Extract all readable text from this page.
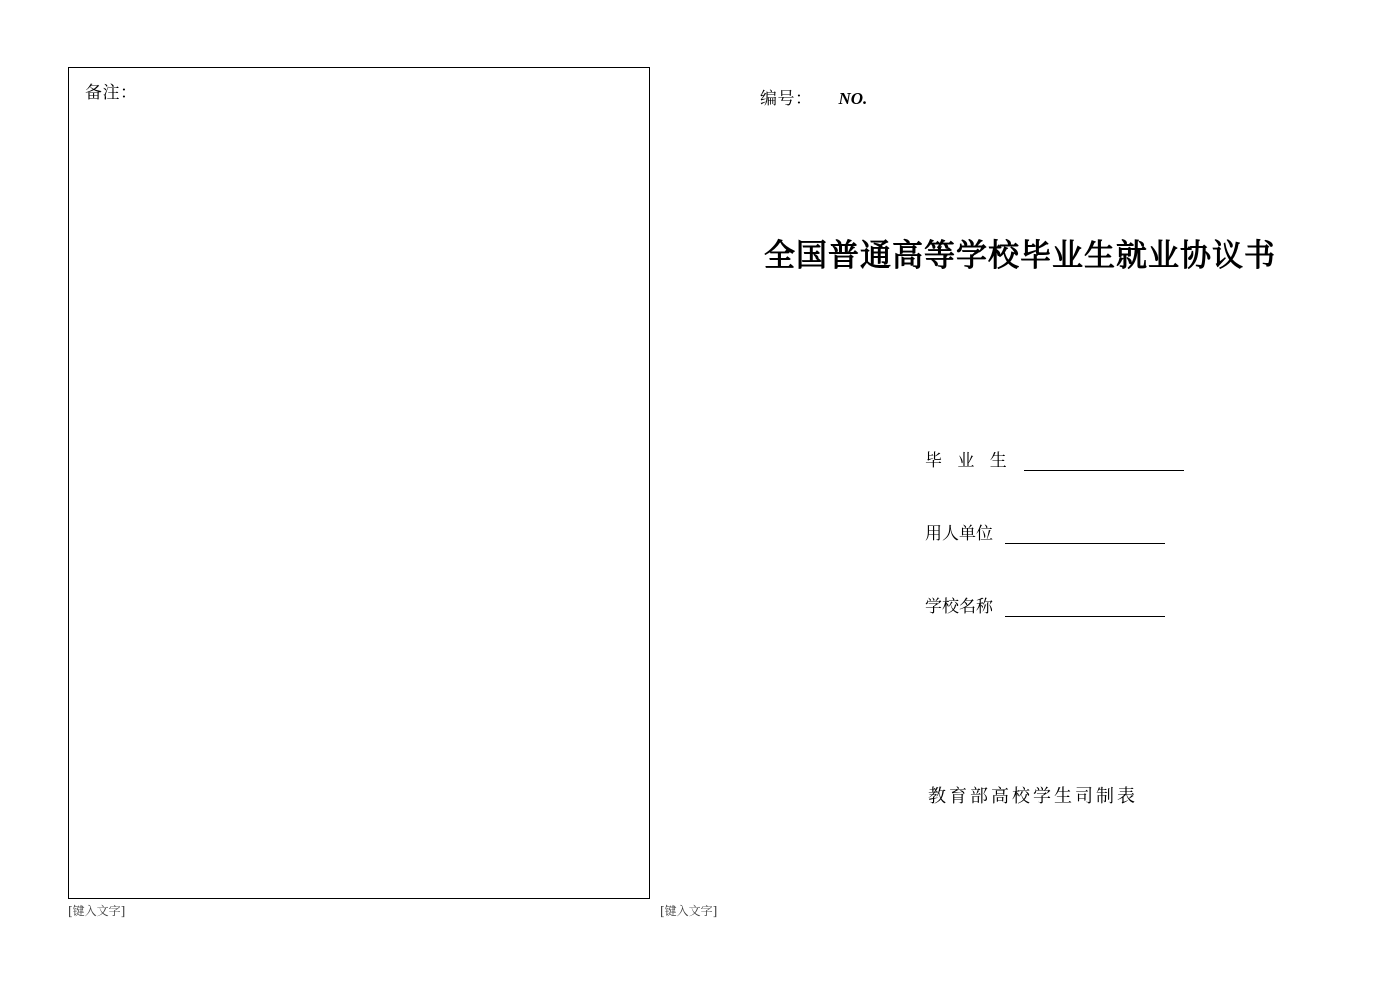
备注：
[键入文字]
编号： NO.
全国普通高等学校毕业生就业协议书
毕 业 生
用人单位
学校名称
教育部高校学生司制表
[键入文字]
